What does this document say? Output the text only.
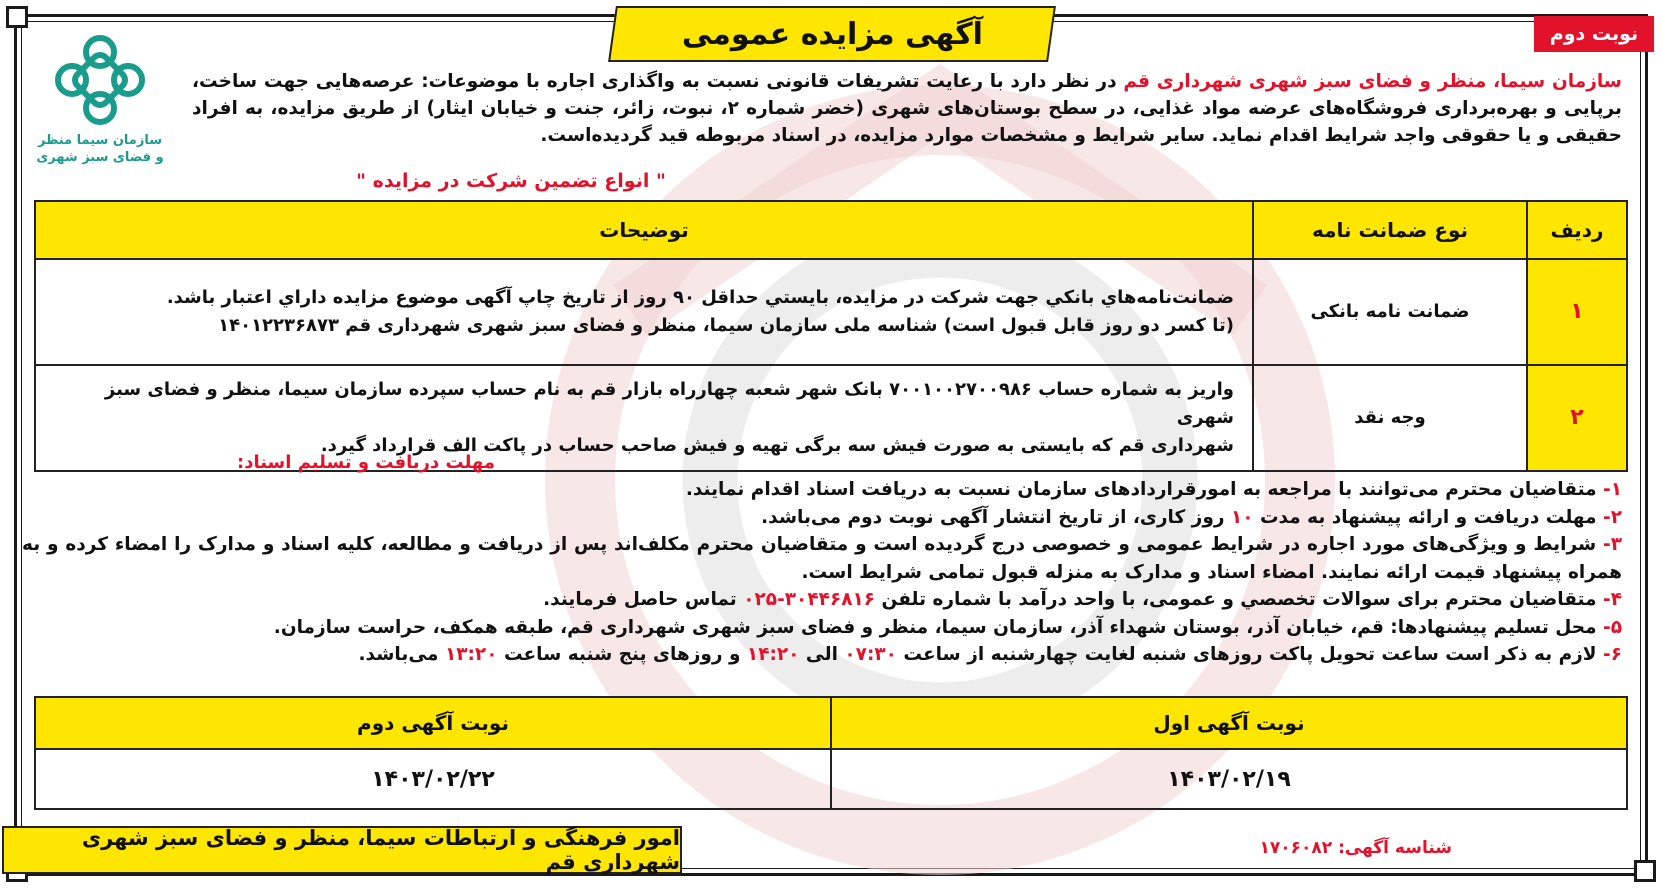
نوبت دوم
آگهی مزایده عمومی
سازمان سیما منظر
و فضای سبز شهری
سازمان سیما، منظر و فضای سبز شهری شهرداری قم در نظر دارد با رعایت تشریفات قانونی نسبت به واگذاری اجاره با موضوعات: عرصه‌هایی جهت ساخت، برپایی و بهره‌برداری فروشگاه‌های عرضه مواد غذایی، در سطح بوستان‌های شهری (خضر شماره ۲، نبوت، زائر، جنت و خیابان ایثار) از طریق مزایده، به افراد حقیقی و یا حقوقی واجد شرایط اقدام نماید. سایر شرایط و مشخصات موارد مزایده، در اسناد مربوطه قید گردیده‌است.
" انواع تضمین شرکت در مزایده "
ردیف	نوع ضمانت نامه	توضیحات
۱	ضمانت نامه بانکی	ضمانت‌نامه‌هاي بانکي جهت شرکت در مزايده، بايستي حداقل ۹۰ روز از تاريخ چاپ آگهی موضوع مزايده داراي اعتبار باشد.
(تا کسر دو روز قابل قبول است) شناسه ملی سازمان سیما، منظر و فضای سبز شهری شهرداری قم ۱۴۰۱۲۲۳۶۸۷۳

۲	وجه نقد	واریز به شماره حساب ۷۰۰۱۰۰۲۷۰۰۹۸۶ بانک شهر شعبه چهارراه بازار قم به نام حساب سپرده سازمان سیما، منظر و فضای سبز شهری
شهرداری قم که بایستی به صورت فیش سه برگی تهیه و فیش صاحب حساب در پاکت الف قرارداد گیرد.
مهلت دریافت و تسلیم اسناد:
۱- متقاضیان محترم می‌توانند با مراجعه به امورقراردادهای سازمان نسبت به دریافت اسناد اقدام نمایند.
۲- مهلت دریافت و ارائه پیشنهاد به مدت ۱۰ روز کاری، از تاریخ انتشار آگهی نوبت دوم می‌باشد.
۳- شرایط و ویژگی‌های مورد اجاره در شرایط عمومی و خصوصی درج گردیده است و متقاضیان محترم مکلف‌اند پس از دریافت و مطالعه، کلیه اسناد و مدارک را امضاء کرده و به همراه پیشنهاد قیمت ارائه نمایند. امضاء اسناد و مدارک به منزله قبول تمامی شرایط است.
۴- متقاضیان محترم برای سوالات تخصصي و عمومی، با واحد درآمد با شماره تلفن ۳۰۴۴۶۸۱۶-۰۲۵ تماس حاصل فرمایند.
۵- محل تسلیم پیشنهادها: قم، خیابان آذر، بوستان شهداء آذر، سازمان سیما، منظر و فضای سبز شهری شهرداری قم، طبقه همکف، حراست سازمان.
۶- لازم به ذکر است ساعت تحویل پاکت روزهای شنبه لغایت چهارشنبه از ساعت ۰۷:۳۰ الی ۱۴:۲۰ و روزهای پنج شنبه ساعت ۱۳:۲۰ می‌باشد.
نوبت آگهی اول	نوبت آگهی دوم
۱۴۰۳/۰۲/۱۹	۱۴۰۳/۰۲/۲۲
امور فرهنگی و ارتباطات سیما، منظر و فضای سبز شهری شهرداری قم
شناسه آگهی: ۱۷۰۶۰۸۲
